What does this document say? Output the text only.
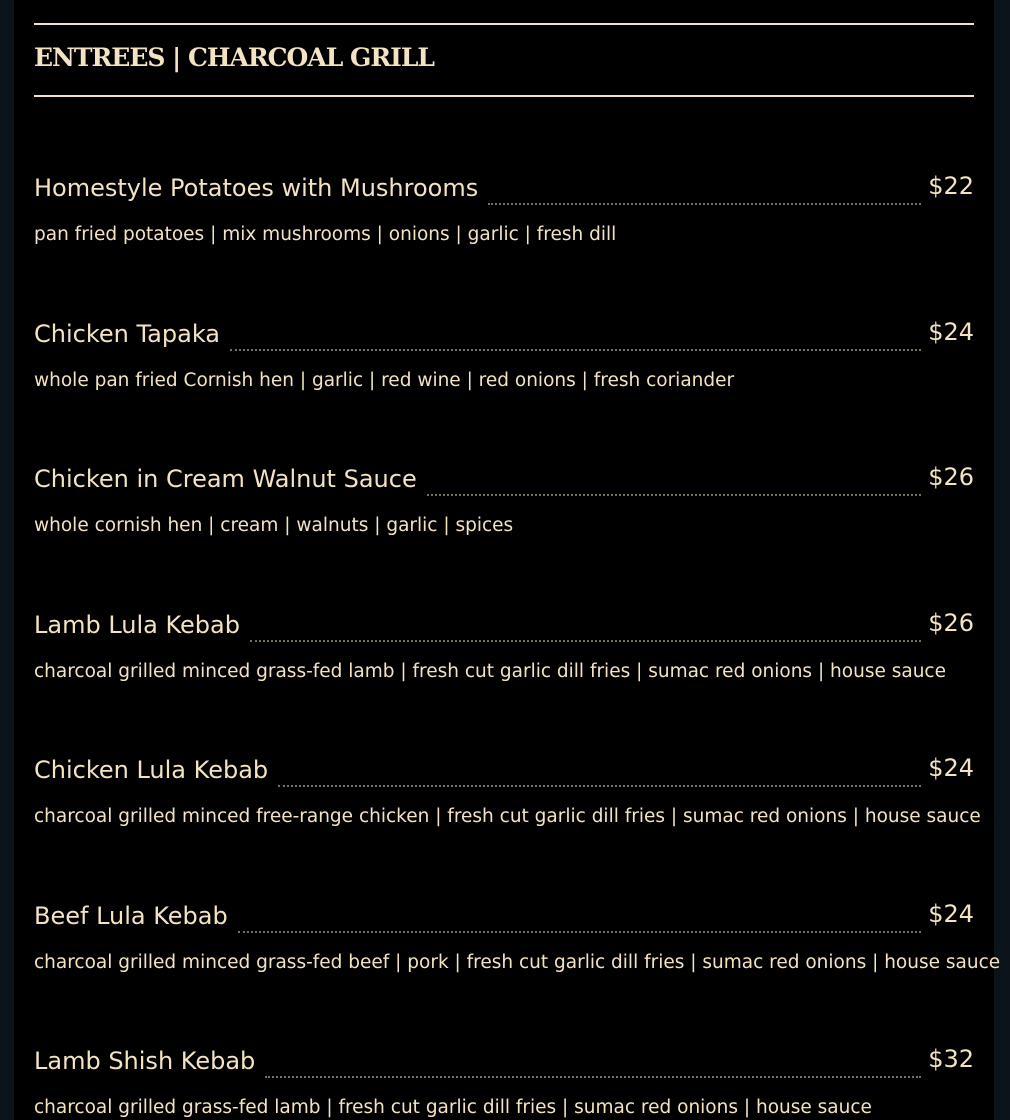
ENTREES | CHARCOAL GRILL
Homestyle Potatoes with Mushrooms	$22
pan fried potatoes | mix mushrooms | onions | garlic | fresh dill
Chicken Tapaka	$24
whole pan fried Cornish hen | garlic | red wine | red onions | fresh coriander
Chicken in Cream Walnut Sauce	$26
whole cornish hen | cream | walnuts | garlic | spices
Lamb Lula Kebab	$26
charcoal grilled minced grass-fed lamb | fresh cut garlic dill fries | sumac red onions | house sauce
Chicken Lula Kebab	$24
charcoal grilled minced free-range chicken | fresh cut garlic dill fries | sumac red onions | house sauce
Beef Lula Kebab	$24
charcoal grilled minced grass-fed beef | pork | fresh cut garlic dill fries | sumac red onions | house sauce
Lamb Shish Kebab	$32
charcoal grilled grass-fed lamb | fresh cut garlic dill fries | sumac red onions | house sauce
